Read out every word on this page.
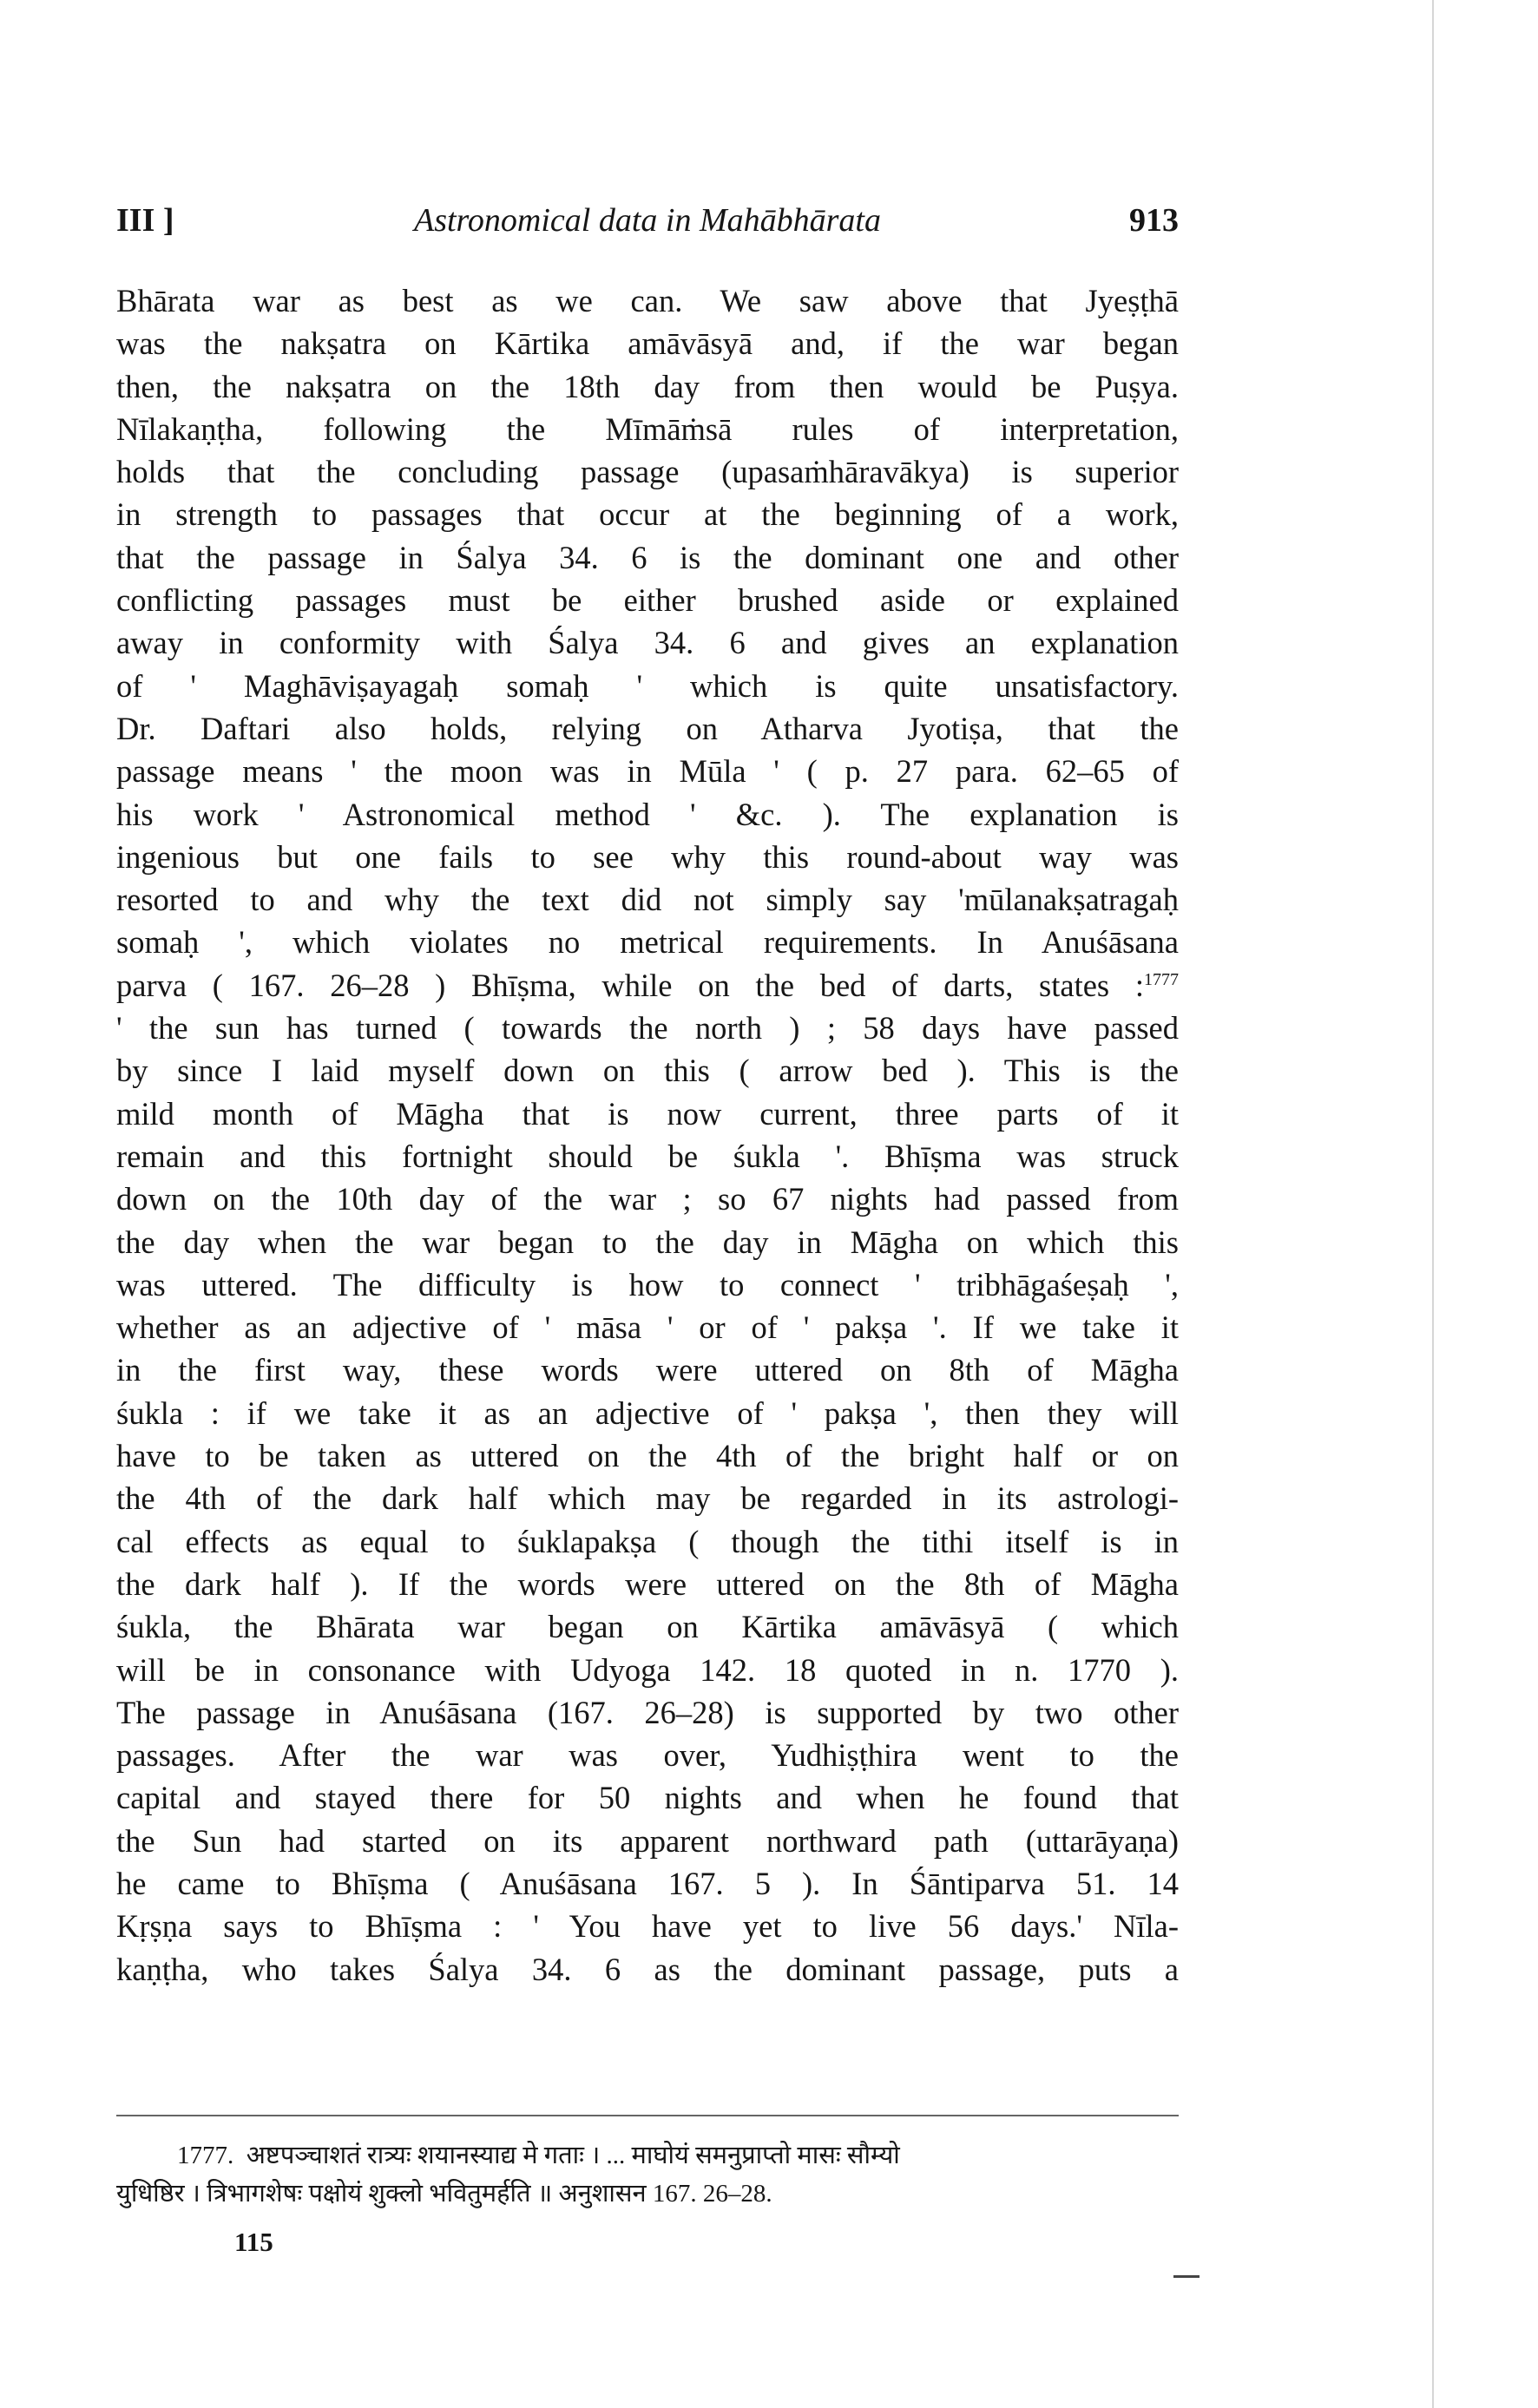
III ]	Astronomical data in Mahābhārata	913
Bhārata war as best as we can. We saw above that Jyeṣṭhā
was the nakṣatra on Kārtika amāvāsyā and, if the war began
then, the nakṣatra on the 18th day from then would be Puṣya.
Nīlakaṇṭha, following the Mīmāṁsā rules of interpretation,
holds that the concluding passage (upasaṁhāravākya) is superior
in strength to passages that occur at the beginning of a work,
that the passage in Śalya 34. 6 is the dominant one and other
conflicting passages must be either brushed aside or explained
away in conformity with Śalya 34. 6 and gives an explanation
of ' Maghāviṣayagaḥ somaḥ ' which is quite unsatisfactory.
Dr. Daftari also holds, relying on Atharva Jyotiṣa, that the
passage means ' the moon was in Mūla ' ( p. 27 para. 62–65 of
his work ' Astronomical method ' &c. ). The explanation is
ingenious but one fails to see why this round-about way was
resorted to and why the text did not simply say 'mūlanakṣatragaḥ
somaḥ ', which violates no metrical requirements. In Anuśāsana
parva ( 167. 26–28 ) Bhīṣma, while on the bed of darts, states :$^{1777}$
' the sun has turned ( towards the north ) ; 58 days have passed
by since I laid myself down on this ( arrow bed ). This is the
mild month of Māgha that is now current, three parts of it
remain and this fortnight should be śukla '. Bhīṣma was struck
down on the 10th day of the war ; so 67 nights had passed from
the day when the war began to the day in Māgha on which this
was uttered. The difficulty is how to connect ' tribhāgaśeṣaḥ ',
whether as an adjective of ' māsa ' or of ' pakṣa '. If we take it
in the first way, these words were uttered on 8th of Māgha
śukla : if we take it as an adjective of ' pakṣa ', then they will
have to be taken as uttered on the 4th of the bright half or on
the 4th of the dark half which may be regarded in its astrologi-
cal effects as equal to śuklapakṣa ( though the tithi itself is in
the dark half ). If the words were uttered on the 8th of Māgha
śukla, the Bhārata war began on Kārtika amāvāsyā ( which
will be in consonance with Udyoga 142. 18 quoted in n. 1770 ).
The passage in Anuśāsana (167. 26–28) is supported by two other
passages. After the war was over, Yudhiṣṭhira went to the
capital and stayed there for 50 nights and when he found that
the Sun had started on its apparent northward path (uttarāyaṇa)
he came to Bhīṣma ( Anuśāsana 167. 5 ). In Śāntiparva 51. 14
Kṛṣṇa says to Bhīṣma : ' You have yet to live 56 days.' Nīla-
kaṇṭha, who takes Śalya 34. 6 as the dominant passage, puts a
1777. अष्टपञ्चाशतं रात्र्यः शयानस्याद्य मे गताः । ... माघोयं समनुप्राप्तो मासः सौम्यो
युधिष्ठिर । त्रिभागशेषः पक्षोयं शुक्लो भवितुमर्हति ॥ अनुशासन 167. 26–28.
115
